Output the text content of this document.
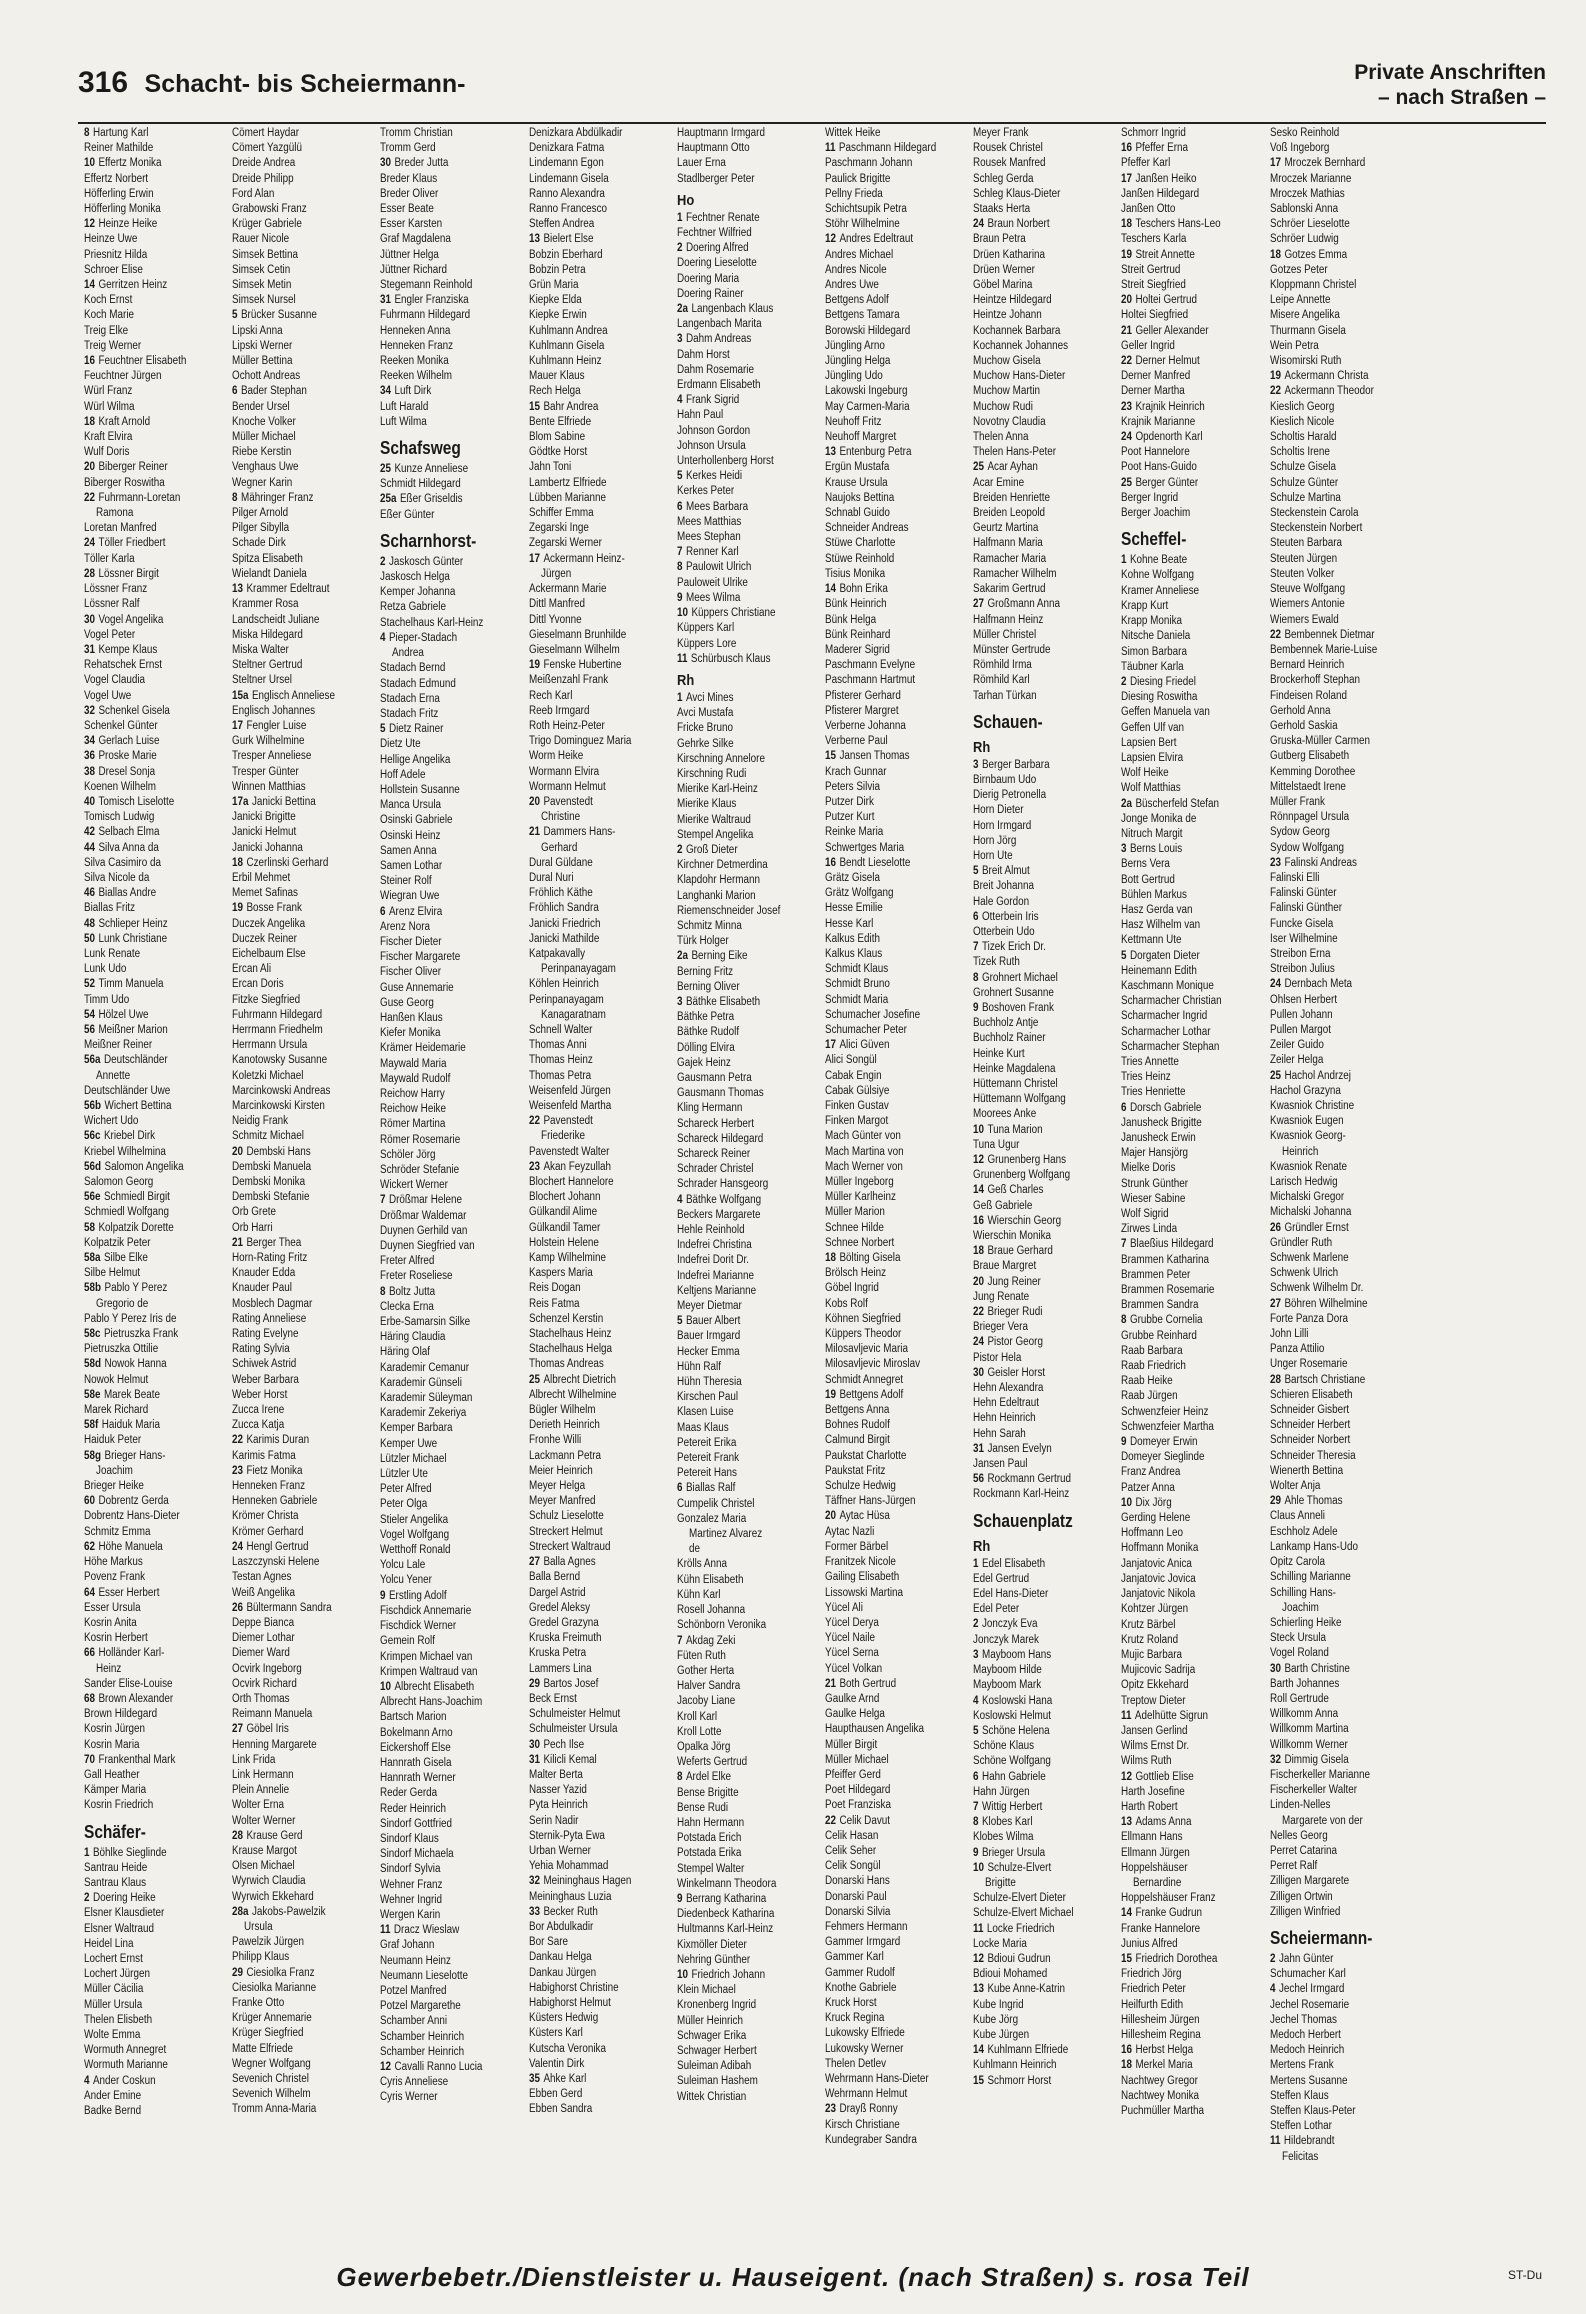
316 Schacht- bis Scheiermann-	Private Anschriften
– nach Straßen –
8 Hartung Karl
Reiner Mathilde
10 Effertz Monika
Effertz Norbert
Höfferling Erwin
Höfferling Monika
12 Heinze Heike
Heinze Uwe
Priesnitz Hilda
Schroer Elise
14 Gerritzen Heinz
Koch Ernst
Koch Marie
Treig Elke
Treig Werner
16 Feuchtner Elisabeth
Feuchtner Jürgen
Würl Franz
Würl Wilma
18 Kraft Arnold
Kraft Elvira
Wulf Doris
20 Biberger Reiner
Biberger Roswitha
22 Fuhrmann-Loretan
Ramona
Loretan Manfred
24 Töller Friedbert
Töller Karla
28 Lössner Birgit
Lössner Franz
Lössner Ralf
30 Vogel Angelika
Vogel Peter
31 Kempe Klaus
Rehatschek Ernst
Vogel Claudia
Vogel Uwe
32 Schenkel Gisela
Schenkel Günter
34 Gerlach Luise
36 Proske Marie
38 Dresel Sonja
Koenen Wilhelm
40 Tomisch Liselotte
Tomisch Ludwig
42 Selbach Elma
44 Silva Anna da
Silva Casimiro da
Silva Nicole da
46 Biallas Andre
Biallas Fritz
48 Schlieper Heinz
50 Lunk Christiane
Lunk Renate
Lunk Udo
52 Timm Manuela
Timm Udo
54 Hölzel Uwe
56 Meißner Marion
Meißner Reiner
56a Deutschländer
Annette
Deutschländer Uwe
56b Wichert Bettina
Wichert Udo
56c Kriebel Dirk
Kriebel Wilhelmina
56d Salomon Angelika
Salomon Georg
56e Schmiedl Birgit
Schmiedl Wolfgang
58 Kolpatzik Dorette
Kolpatzik Peter
58a Silbe Elke
Silbe Helmut
58b Pablo Y Perez
Gregorio de
Pablo Y Perez Iris de
58c Pietruszka Frank
Pietruszka Ottilie
58d Nowok Hanna
Nowok Helmut
58e Marek Beate
Marek Richard
58f Haiduk Maria
Haiduk Peter
58g Brieger Hans-
Joachim
Brieger Heike
60 Dobrentz Gerda
Dobrentz Hans-Dieter
Schmitz Emma
62 Höhe Manuela
Höhe Markus
Povenz Frank
64 Esser Herbert
Esser Ursula
Kosrin Anita
Kosrin Herbert
66 Holländer Karl-
Heinz
Sander Elise-Louise
68 Brown Alexander
Brown Hildegard
Kosrin Jürgen
Kosrin Maria
70 Frankenthal Mark
Gall Heather
Kämper Maria
Kosrin Friedrich
Schäfer-
1 Böhlke Sieglinde
Santrau Heide
Santrau Klaus
2 Doering Heike
Elsner Klausdieter
Elsner Waltraud
Heidel Lina
Lochert Ernst
Lochert Jürgen
Müller Cäcilia
Müller Ursula
Thelen Elisbeth
Wolte Emma
Wormuth Annegret
Wormuth Marianne
4 Ander Coskun
Ander Emine
Badke Bernd
Cömert Haydar
Cömert Yazgülü
Dreide Andrea
Dreide Philipp
Ford Alan
Grabowski Franz
Krüger Gabriele
Rauer Nicole
Simsek Bettina
Simsek Cetin
Simsek Metin
Simsek Nursel
5 Brücker Susanne
Lipski Anna
Lipski Werner
Müller Bettina
Ochott Andreas
6 Bader Stephan
Bender Ursel
Knoche Volker
Müller Michael
Riebe Kerstin
Venghaus Uwe
Wegner Karin
8 Mähringer Franz
Pilger Arnold
Pilger Sibylla
Schade Dirk
Spitza Elisabeth
Wielandt Daniela
13 Krammer Edeltraut
Krammer Rosa
Landscheidt Juliane
Miska Hildegard
Miska Walter
Steltner Gertrud
Steltner Ursel
15a Englisch Anneliese
Englisch Johannes
17 Fengler Luise
Gurk Wilhelmine
Tresper Anneliese
Tresper Günter
Winnen Matthias
17a Janicki Bettina
Janicki Brigitte
Janicki Helmut
Janicki Johanna
18 Czerlinski Gerhard
Erbil Mehmet
Memet Safinas
19 Bosse Frank
Duczek Angelika
Duczek Reiner
Eichelbaum Else
Ercan Ali
Ercan Doris
Fitzke Siegfried
Fuhrmann Hildegard
Herrmann Friedhelm
Herrmann Ursula
Kanotowsky Susanne
Koletzki Michael
Marcinkowski Andreas
Marcinkowski Kirsten
Neidig Frank
Schmitz Michael
20 Dembski Hans
Dembski Manuela
Dembski Monika
Dembski Stefanie
Orb Grete
Orb Harri
21 Berger Thea
Horn-Rating Fritz
Knauder Edda
Knauder Paul
Mosblech Dagmar
Rating Anneliese
Rating Evelyne
Rating Sylvia
Schiwek Astrid
Weber Barbara
Weber Horst
Zucca Irene
Zucca Katja
22 Karimis Duran
Karimis Fatma
23 Fietz Monika
Henneken Franz
Henneken Gabriele
Krömer Christa
Krömer Gerhard
24 Hengl Gertrud
Laszczynski Helene
Testan Agnes
Weiß Angelika
26 Bültermann Sandra
Deppe Bianca
Diemer Lothar
Diemer Ward
Ocvirk Ingeborg
Ocvirk Richard
Orth Thomas
Reimann Manuela
27 Göbel Iris
Henning Margarete
Link Frida
Link Hermann
Plein Annelie
Wolter Erna
Wolter Werner
28 Krause Gerd
Krause Margot
Olsen Michael
Wyrwich Claudia
Wyrwich Ekkehard
28a Jakobs-Pawelzik
Ursula
Pawelzik Jürgen
Philipp Klaus
29 Ciesiolka Franz
Ciesiolka Marianne
Franke Otto
Krüger Annemarie
Krüger Siegfried
Matte Elfriede
Wegner Wolfgang
Sevenich Christel
Sevenich Wilhelm
Tromm Anna-Maria
Tromm Christian
Tromm Gerd
30 Breder Jutta
Breder Klaus
Breder Oliver
Esser Beate
Esser Karsten
Graf Magdalena
Jüttner Helga
Jüttner Richard
Stegemann Reinhold
31 Engler Franziska
Fuhrmann Hildegard
Henneken Anna
Henneken Franz
Reeken Monika
Reeken Wilhelm
34 Luft Dirk
Luft Harald
Luft Wilma
Schafsweg
25 Kunze Anneliese
Schmidt Hildegard
25a Eßer Griseldis
Eßer Günter
Scharnhorst-
2 Jaskosch Günter
Jaskosch Helga
Kemper Johanna
Retza Gabriele
Stachelhaus Karl-Heinz
4 Pieper-Stadach
Andrea
Stadach Bernd
Stadach Edmund
Stadach Erna
Stadach Fritz
5 Dietz Rainer
Dietz Ute
Hellige Angelika
Hoff Adele
Hollstein Susanne
Manca Ursula
Osinski Gabriele
Osinski Heinz
Samen Anna
Samen Lothar
Steiner Rolf
Wiegran Uwe
6 Arenz Elvira
Arenz Nora
Fischer Dieter
Fischer Margarete
Fischer Oliver
Guse Annemarie
Guse Georg
Hanßen Klaus
Kiefer Monika
Krämer Heidemarie
Maywald Maria
Maywald Rudolf
Reichow Harry
Reichow Heike
Römer Martina
Römer Rosemarie
Schöler Jörg
Schröder Stefanie
Wickert Werner
7 Drößmar Helene
Drößmar Waldemar
Duynen Gerhild van
Duynen Siegfried van
Freter Alfred
Freter Roseliese
8 Boltz Jutta
Clecka Erna
Erbe-Samarsin Silke
Häring Claudia
Häring Olaf
Karademir Cemanur
Karademir Günseli
Karademir Süleyman
Karademir Zekeriya
Kemper Barbara
Kemper Uwe
Lützler Michael
Lützler Ute
Peter Alfred
Peter Olga
Stieler Angelika
Vogel Wolfgang
Wetthoff Ronald
Yolcu Lale
Yolcu Yener
9 Erstling Adolf
Fischdick Annemarie
Fischdick Werner
Gemein Rolf
Krimpen Michael van
Krimpen Waltraud van
10 Albrecht Elisabeth
Albrecht Hans-Joachim
Bartsch Marion
Bokelmann Arno
Eickershoff Else
Hannrath Gisela
Hannrath Werner
Reder Gerda
Reder Heinrich
Sindorf Gottfried
Sindorf Klaus
Sindorf Michaela
Sindorf Sylvia
Wehner Franz
Wehner Ingrid
Wergen Karin
11 Dracz Wieslaw
Graf Johann
Neumann Heinz
Neumann Lieselotte
Potzel Manfred
Potzel Margarethe
Schamber Anni
Schamber Heinrich
Schamber Heinrich
12 Cavalli Ranno Lucia
Cyris Anneliese
Cyris Werner
Denizkara Abdülkadir
Denizkara Fatma
Lindemann Egon
Lindemann Gisela
Ranno Alexandra
Ranno Francesco
Steffen Andrea
13 Bielert Else
Bobzin Eberhard
Bobzin Petra
Grün Maria
Kiepke Elda
Kiepke Erwin
Kuhlmann Andrea
Kuhlmann Gisela
Kuhlmann Heinz
Mauer Klaus
Rech Helga
15 Bahr Andrea
Bente Elfriede
Blom Sabine
Gödtke Horst
Jahn Toni
Lambertz Elfriede
Lübben Marianne
Schiffer Emma
Zegarski Inge
Zegarski Werner
17 Ackermann Heinz-
Jürgen
Ackermann Marie
Dittl Manfred
Dittl Yvonne
Gieselmann Brunhilde
Gieselmann Wilhelm
19 Fenske Hubertine
Meißenzahl Frank
Rech Karl
Reeb Irmgard
Roth Heinz-Peter
Trigo Dominguez Maria
Worm Heike
Wormann Elvira
Wormann Helmut
20 Pavenstedt
Christine
21 Dammers Hans-
Gerhard
Dural Güldane
Dural Nuri
Fröhlich Käthe
Fröhlich Sandra
Janicki Friedrich
Janicki Mathilde
Katpakavally
Perinpanayagam
Köhlen Heinrich
Perinpanayagam
Kanagaratnam
Schnell Walter
Thomas Anni
Thomas Heinz
Thomas Petra
Weisenfeld Jürgen
Weisenfeld Martha
22 Pavenstedt
Friederike
Pavenstedt Walter
23 Akan Feyzullah
Blochert Hannelore
Blochert Johann
Gülkandil Alime
Gülkandil Tamer
Holstein Helene
Kamp Wilhelmine
Kaspers Maria
Reis Dogan
Reis Fatma
Schenzel Kerstin
Stachelhaus Heinz
Stachelhaus Helga
Thomas Andreas
25 Albrecht Dietrich
Albrecht Wilhelmine
Bügler Wilhelm
Derieth Heinrich
Fronhe Willi
Lackmann Petra
Meier Heinrich
Meyer Helga
Meyer Manfred
Schulz Lieselotte
Streckert Helmut
Streckert Waltraud
27 Balla Agnes
Balla Bernd
Dargel Astrid
Gredel Aleksy
Gredel Grazyna
Kruska Freimuth
Kruska Petra
Lammers Lina
29 Bartos Josef
Beck Ernst
Schulmeister Helmut
Schulmeister Ursula
30 Pech Ilse
31 Kilicli Kemal
Malter Berta
Nasser Yazid
Pyta Heinrich
Serin Nadir
Sternik-Pyta Ewa
Urban Werner
Yehia Mohammad
32 Meininghaus Hagen
Meininghaus Luzia
33 Becker Ruth
Bor Abdulkadir
Bor Sare
Dankau Helga
Dankau Jürgen
Habighorst Christine
Habighorst Helmut
Küsters Hedwig
Küsters Karl
Kutscha Veronika
Valentin Dirk
35 Ahke Karl
Ebben Gerd
Ebben Sandra
Hauptmann Irmgard
Hauptmann Otto
Lauer Erna
Stadlberger Peter
Ho
1 Fechtner Renate
Fechtner Wilfried
2 Doering Alfred
Doering Lieselotte
Doering Maria
Doering Rainer
2a Langenbach Klaus
Langenbach Marita
3 Dahm Andreas
Dahm Horst
Dahm Rosemarie
Erdmann Elisabeth
4 Frank Sigrid
Hahn Paul
Johnson Gordon
Johnson Ursula
Unterhollenberg Horst
5 Kerkes Heidi
Kerkes Peter
6 Mees Barbara
Mees Matthias
Mees Stephan
7 Renner Karl
8 Paulowit Ulrich
Pauloweit Ulrike
9 Mees Wilma
10 Küppers Christiane
Küppers Karl
Küppers Lore
11 Schürbusch Klaus
Rh
1 Avci Mines
Avci Mustafa
Fricke Bruno
Gehrke Silke
Kirschning Annelore
Kirschning Rudi
Mierike Karl-Heinz
Mierike Klaus
Mierike Waltraud
Stempel Angelika
2 Groß Dieter
Kirchner Detmerdina
Klapdohr Hermann
Langhanki Marion
Riemenschneider Josef
Schmitz Minna
Türk Holger
2a Berning Eike
Berning Fritz
Berning Oliver
3 Bäthke Elisabeth
Bäthke Petra
Bäthke Rudolf
Dölling Elvira
Gajek Heinz
Gausmann Petra
Gausmann Thomas
Kling Hermann
Schareck Herbert
Schareck Hildegard
Schareck Reiner
Schrader Christel
Schrader Hansgeorg
4 Bäthke Wolfgang
Beckers Margarete
Hehle Reinhold
Indefrei Christina
Indefrei Dorit Dr.
Indefrei Marianne
Keltjens Marianne
Meyer Dietmar
5 Bauer Albert
Bauer Irmgard
Hecker Emma
Hühn Ralf
Hühn Theresia
Kirschen Paul
Klasen Luise
Maas Klaus
Petereit Erika
Petereit Frank
Petereit Hans
6 Biallas Ralf
Cumpelik Christel
Gonzalez Maria
Martinez Alvarez
de
Krölls Anna
Kühn Elisabeth
Kühn Karl
Rosell Johanna
Schönborn Veronika
7 Akdag Zeki
Füten Ruth
Gother Herta
Halver Sandra
Jacoby Liane
Kroll Karl
Kroll Lotte
Opalka Jörg
Weferts Gertrud
8 Ardel Elke
Bense Brigitte
Bense Rudi
Hahn Hermann
Potstada Erich
Potstada Erika
Stempel Walter
Winkelmann Theodora
9 Berrang Katharina
Diedenbeck Katharina
Hultmanns Karl-Heinz
Kixmöller Dieter
Nehring Günther
10 Friedrich Johann
Klein Michael
Kronenberg Ingrid
Müller Heinrich
Schwager Erika
Schwager Herbert
Suleiman Adibah
Suleiman Hashem
Wittek Christian
Wittek Heike
11 Paschmann Hildegard
Paschmann Johann
Paulick Brigitte
Pellny Frieda
Schichtsupik Petra
Stöhr Wilhelmine
12 Andres Edeltraut
Andres Michael
Andres Nicole
Andres Uwe
Bettgens Adolf
Bettgens Tamara
Borowski Hildegard
Jüngling Arno
Jüngling Helga
Jüngling Udo
Lakowski Ingeburg
May Carmen-Maria
Neuhoff Fritz
Neuhoff Margret
13 Entenburg Petra
Ergün Mustafa
Krause Ursula
Naujoks Bettina
Schnabl Guido
Schneider Andreas
Stüwe Charlotte
Stüwe Reinhold
Tisius Monika
14 Bohn Erika
Bünk Heinrich
Bünk Helga
Bünk Reinhard
Maderer Sigrid
Paschmann Evelyne
Paschmann Hartmut
Pfisterer Gerhard
Pfisterer Margret
Verberne Johanna
Verberne Paul
15 Jansen Thomas
Krach Gunnar
Peters Silvia
Putzer Dirk
Putzer Kurt
Reinke Maria
Schwertges Maria
16 Bendt Lieselotte
Grätz Gisela
Grätz Wolfgang
Hesse Emilie
Hesse Karl
Kalkus Edith
Kalkus Klaus
Schmidt Klaus
Schmidt Bruno
Schmidt Maria
Schumacher Josefine
Schumacher Peter
17 Alici Güven
Alici Songül
Cabak Engin
Cabak Gülsiye
Finken Gustav
Finken Margot
Mach Günter von
Mach Martina von
Mach Werner von
Müller Ingeborg
Müller Karlheinz
Müller Marion
Schnee Hilde
Schnee Norbert
18 Bölting Gisela
Brölsch Heinz
Göbel Ingrid
Kobs Rolf
Köhnen Siegfried
Küppers Theodor
Milosavljevic Maria
Milosavljevic Miroslav
Schmidt Annegret
19 Bettgens Adolf
Bettgens Anna
Bohnes Rudolf
Calmund Birgit
Paukstat Charlotte
Paukstat Fritz
Schulze Hedwig
Täffner Hans-Jürgen
20 Aytac Hüsa
Aytac Nazli
Former Bärbel
Franitzek Nicole
Gailing Elisabeth
Lissowski Martina
Yücel Ali
Yücel Derya
Yücel Naile
Yücel Serna
Yücel Volkan
21 Both Gertrud
Gaulke Arnd
Gaulke Helga
Haupthausen Angelika
Müller Birgit
Müller Michael
Pfeiffer Gerd
Poet Hildegard
Poet Franziska
22 Celik Davut
Celik Hasan
Celik Seher
Celik Songül
Donarski Hans
Donarski Paul
Donarski Silvia
Fehmers Hermann
Gammer Irmgard
Gammer Karl
Gammer Rudolf
Knothe Gabriele
Kruck Horst
Kruck Regina
Lukowsky Elfriede
Lukowsky Werner
Thelen Detlev
Wehrmann Hans-Dieter
Wehrmann Helmut
23 Drayß Ronny
Kirsch Christiane
Kundegraber Sandra
Meyer Frank
Rousek Christel
Rousek Manfred
Schleg Gerda
Schleg Klaus-Dieter
Staaks Herta
24 Braun Norbert
Braun Petra
Drüen Katharina
Drüen Werner
Göbel Marina
Heintze Hildegard
Heintze Johann
Kochannek Barbara
Kochannek Johannes
Muchow Gisela
Muchow Hans-Dieter
Muchow Martin
Muchow Rudi
Novotny Claudia
Thelen Anna
Thelen Hans-Peter
25 Acar Ayhan
Acar Emine
Breiden Henriette
Breiden Leopold
Geurtz Martina
Halfmann Maria
Ramacher Maria
Ramacher Wilhelm
Sakarim Gertrud
27 Großmann Anna
Halfmann Heinz
Müller Christel
Münster Gertrude
Römhild Irma
Römhild Karl
Tarhan Türkan
Schauen-
Rh
3 Berger Barbara
Birnbaum Udo
Dierig Petronella
Horn Dieter
Horn Irmgard
Horn Jörg
Horn Ute
5 Breit Almut
Breit Johanna
Hale Gordon
6 Otterbein Iris
Otterbein Udo
7 Tizek Erich Dr.
Tizek Ruth
8 Grohnert Michael
Grohnert Susanne
9 Boshoven Frank
Buchholz Antje
Buchholz Rainer
Heinke Kurt
Heinke Magdalena
Hüttemann Christel
Hüttemann Wolfgang
Moorees Anke
10 Tuna Marion
Tuna Ugur
12 Grunenberg Hans
Grunenberg Wolfgang
14 Geß Charles
Geß Gabriele
16 Wierschin Georg
Wierschin Monika
18 Braue Gerhard
Braue Margret
20 Jung Reiner
Jung Renate
22 Brieger Rudi
Brieger Vera
24 Pistor Georg
Pistor Hela
30 Geisler Horst
Hehn Alexandra
Hehn Edeltraut
Hehn Heinrich
Hehn Sarah
31 Jansen Evelyn
Jansen Paul
56 Rockmann Gertrud
Rockmann Karl-Heinz
Schauenplatz
Rh
1 Edel Elisabeth
Edel Gertrud
Edel Hans-Dieter
Edel Peter
2 Jonczyk Eva
Jonczyk Marek
3 Mayboom Hans
Mayboom Hilde
Mayboom Mark
4 Koslowski Hana
Koslowski Helmut
5 Schöne Helena
Schöne Klaus
Schöne Wolfgang
6 Hahn Gabriele
Hahn Jürgen
7 Wittig Herbert
8 Klobes Karl
Klobes Wilma
9 Brieger Ursula
10 Schulze-Elvert
Brigitte
Schulze-Elvert Dieter
Schulze-Elvert Michael
11 Locke Friedrich
Locke Maria
12 Bdioui Gudrun
Bdioui Mohamed
13 Kube Anne-Katrin
Kube Ingrid
Kube Jörg
Kube Jürgen
14 Kuhlmann Elfriede
Kuhlmann Heinrich
15 Schmorr Horst
Schmorr Ingrid
16 Pfeffer Erna
Pfeffer Karl
17 Janßen Heiko
Janßen Hildegard
Janßen Otto
18 Teschers Hans-Leo
Teschers Karla
19 Streit Annette
Streit Gertrud
Streit Siegfried
20 Holtei Gertrud
Holtei Siegfried
21 Geller Alexander
Geller Ingrid
22 Derner Helmut
Derner Manfred
Derner Martha
23 Krajnik Heinrich
Krajnik Marianne
24 Opdenorth Karl
Poot Hannelore
Poot Hans-Guido
25 Berger Günter
Berger Ingrid
Berger Joachim
Scheffel-
1 Kohne Beate
Kohne Wolfgang
Kramer Anneliese
Krapp Kurt
Krapp Monika
Nitsche Daniela
Simon Barbara
Täubner Karla
2 Diesing Friedel
Diesing Roswitha
Geffen Manuela van
Geffen Ulf van
Lapsien Bert
Lapsien Elvira
Wolf Heike
Wolf Matthias
2a Büscherfeld Stefan
Jonge Monika de
Nitruch Margit
3 Berns Louis
Berns Vera
Bott Gertrud
Bühlen Markus
Hasz Gerda van
Hasz Wilhelm van
Kettmann Ute
5 Dorgaten Dieter
Heinemann Edith
Kaschmann Monique
Scharmacher Christian
Scharmacher Ingrid
Scharmacher Lothar
Scharmacher Stephan
Tries Annette
Tries Heinz
Tries Henriette
6 Dorsch Gabriele
Janusheck Brigitte
Janusheck Erwin
Majer Hansjörg
Mielke Doris
Strunk Günther
Wieser Sabine
Wolf Sigrid
Zirwes Linda
7 Blaeßius Hildegard
Brammen Katharina
Brammen Peter
Brammen Rosemarie
Brammen Sandra
8 Grubbe Cornelia
Grubbe Reinhard
Raab Barbara
Raab Friedrich
Raab Heike
Raab Jürgen
Schwenzfeier Heinz
Schwenzfeier Martha
9 Domeyer Erwin
Domeyer Sieglinde
Franz Andrea
Patzer Anna
10 Dix Jörg
Gerding Helene
Hoffmann Leo
Hoffmann Monika
Janjatovic Anica
Janjatovic Jovica
Janjatovic Nikola
Kohtzer Jürgen
Krutz Bärbel
Krutz Roland
Mujic Barbara
Mujicovic Sadrija
Opitz Ekkehard
Treptow Dieter
11 Adelhütte Sigrun
Jansen Gerlind
Wilms Ernst Dr.
Wilms Ruth
12 Gottlieb Elise
Harth Josefine
Harth Robert
13 Adams Anna
Ellmann Hans
Ellmann Jürgen
Hoppelshäuser
Bernardine
Hoppelshäuser Franz
14 Franke Gudrun
Franke Hannelore
Junius Alfred
15 Friedrich Dorothea
Friedrich Jörg
Friedrich Peter
Heilfurth Edith
Hillesheim Jürgen
Hillesheim Regina
16 Herbst Helga
18 Merkel Maria
Nachtwey Gregor
Nachtwey Monika
Puchmüller Martha
Sesko Reinhold
Voß Ingeborg
17 Mroczek Bernhard
Mroczek Marianne
Mroczek Mathias
Sablonski Anna
Schröer Lieselotte
Schröer Ludwig
18 Gotzes Emma
Gotzes Peter
Kloppmann Christel
Leipe Annette
Misere Angelika
Thurmann Gisela
Wein Petra
Wisomirski Ruth
19 Ackermann Christa
22 Ackermann Theodor
Kieslich Georg
Kieslich Nicole
Scholtis Harald
Scholtis Irene
Schulze Gisela
Schulze Günter
Schulze Martina
Steckenstein Carola
Steckenstein Norbert
Steuten Barbara
Steuten Jürgen
Steuten Volker
Steuve Wolfgang
Wiemers Antonie
Wiemers Ewald
22 Bembennek Dietmar
Bembennek Marie-Luise
Bernard Heinrich
Brockerhoff Stephan
Findeisen Roland
Gerhold Anna
Gerhold Saskia
Gruska-Müller Carmen
Gutberg Elisabeth
Kemming Dorothee
Mittelstaedt Irene
Müller Frank
Rönnpagel Ursula
Sydow Georg
Sydow Wolfgang
23 Falinski Andreas
Falinski Elli
Falinski Günter
Falinski Günther
Funcke Gisela
Iser Wilhelmine
Streibon Erna
Streibon Julius
24 Dernbach Meta
Ohlsen Herbert
Pullen Johann
Pullen Margot
Zeiler Guido
Zeiler Helga
25 Hachol Andrzej
Hachol Grazyna
Kwasniok Christine
Kwasniok Eugen
Kwasniok Georg-
Heinrich
Kwasniok Renate
Larisch Hedwig
Michalski Gregor
Michalski Johanna
26 Gründler Ernst
Gründler Ruth
Schwenk Marlene
Schwenk Ulrich
Schwenk Wilhelm Dr.
27 Böhren Wilhelmine
Forte Panza Dora
John Lilli
Panza Attilio
Unger Rosemarie
28 Bartsch Christiane
Schieren Elisabeth
Schneider Gisbert
Schneider Herbert
Schneider Norbert
Schneider Theresia
Wienerth Bettina
Wolter Anja
29 Ahle Thomas
Claus Anneli
Eschholz Adele
Lankamp Hans-Udo
Opitz Carola
Schilling Marianne
Schilling Hans-
Joachim
Schierling Heike
Steck Ursula
Vogel Roland
30 Barth Christine
Barth Johannes
Roll Gertrude
Willkomm Anna
Willkomm Martina
Willkomm Werner
32 Dimmig Gisela
Fischerkeller Marianne
Fischerkeller Walter
Linden-Nelles
Margarete von der
Nelles Georg
Perret Catarina
Perret Ralf
Zilligen Margarete
Zilligen Ortwin
Zilligen Winfried
Scheiermann-
2 Jahn Günter
Schumacher Karl
4 Jechel Irmgard
Jechel Rosemarie
Jechel Thomas
Medoch Herbert
Medoch Heinrich
Mertens Frank
Mertens Susanne
Steffen Klaus
Steffen Klaus-Peter
Steffen Lothar
11 Hildebrandt
Felicitas
Gewerbebetr./Dienstleister u. Hauseigent. (nach Straßen) s. rosa Teil	ST-Du
